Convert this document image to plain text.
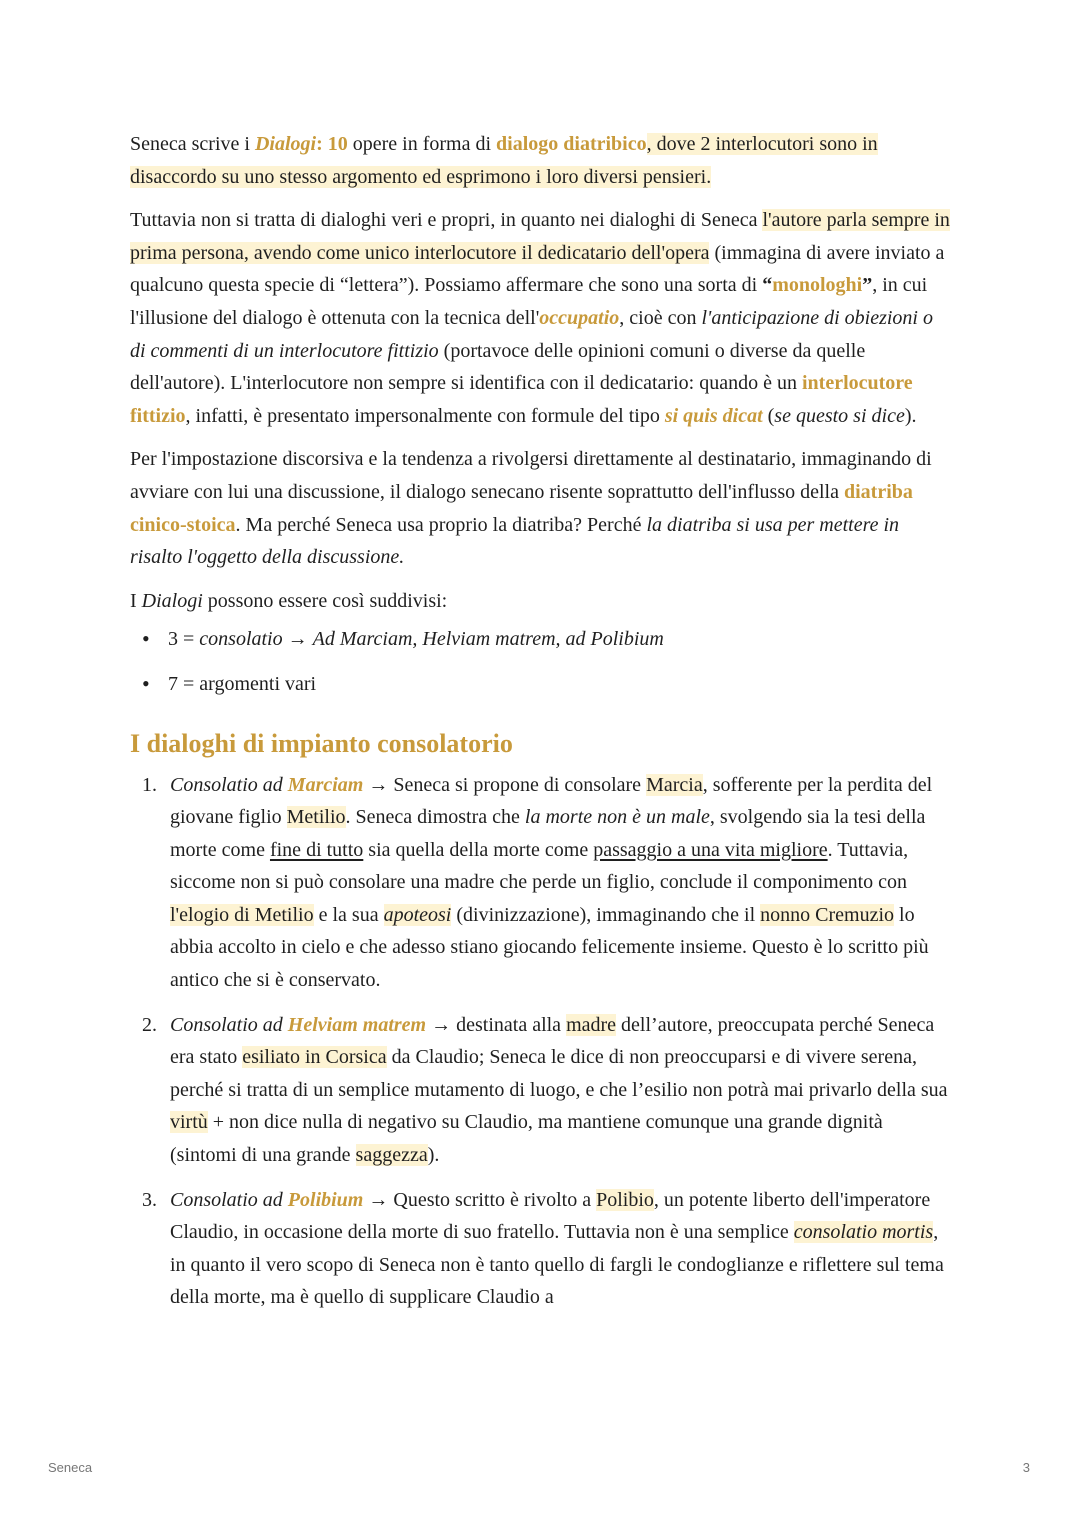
Seneca scrive i Dialogi: 10 opere in forma di dialogo diatribico, dove 2 interlocutori sono in disaccordo su uno stesso argomento ed esprimono i loro diversi pensieri.

Tuttavia non si tratta di dialoghi veri e propri, in quanto nei dialoghi di Seneca l'autore parla sempre in prima persona, avendo come unico interlocutore il dedicatario dell'opera (immagina di avere inviato a qualcuno questa specie di “lettera”). Possiamo affermare che sono una sorta di “monologhi”, in cui l'illusione del dialogo è ottenuta con la tecnica dell'occupatio, cioè con l'anticipazione di obiezioni o di commenti di un interlocutore fittizio (portavoce delle opinioni comuni o diverse da quelle dell'autore). L'interlocutore non sempre si identifica con il dedicatario: quando è un interlocutore fittizio, infatti, è presentato impersonalmente con formule del tipo si quis dicat (se questo si dice).

Per l'impostazione discorsiva e la tendenza a rivolgersi direttamente al destinatario, immaginando di avviare con lui una discussione, il dialogo senecano risente soprattutto dell'influsso della diatriba cinico-stoica. Ma perché Seneca usa proprio la diatriba? Perché la diatriba si usa per mettere in risalto l'oggetto della discussione.

I Dialogi possono essere così suddivisi:

• 3 = consolatio → Ad Marciam, Helviam matrem, ad Polibium
• 7 = argomenti vari
I dialoghi di impianto consolatorio
1. Consolatio ad Marciam → Seneca si propone di consolare Marcia, sofferente per la perdita del giovane figlio Metilio. Seneca dimostra che la morte non è un male, svolgendo sia la tesi della morte come fine di tutto sia quella della morte come passaggio a una vita migliore. Tuttavia, siccome non si può consolare una madre che perde un figlio, conclude il componimento con l'elogio di Metilio e la sua apoteosi (divinizzazione), immaginando che il nonno Cremuzio lo abbia accolto in cielo e che adesso stiano giocando felicemente insieme. Questo è lo scritto più antico che si è conservato.
2. Consolatio ad Helviam matrem → destinata alla madre dell’autore, preoccupata perché Seneca era stato esiliato in Corsica da Claudio; Seneca le dice di non preoccuparsi e di vivere serena, perché si tratta di un semplice mutamento di luogo, e che l’esilio non potrà mai privarlo della sua virtù + non dice nulla di negativo su Claudio, ma mantiene comunque una grande dignità (sintomi di una grande saggezza).
3. Consolatio ad Polibium → Questo scritto è rivolto a Polibio, un potente liberto dell'imperatore Claudio, in occasione della morte di suo fratello. Tuttavia non è una semplice consolatio mortis, in quanto il vero scopo di Seneca non è tanto quello di fargli le condoglianze e riflettere sul tema della morte, ma è quello di supplicare Claudio a
Seneca	3
